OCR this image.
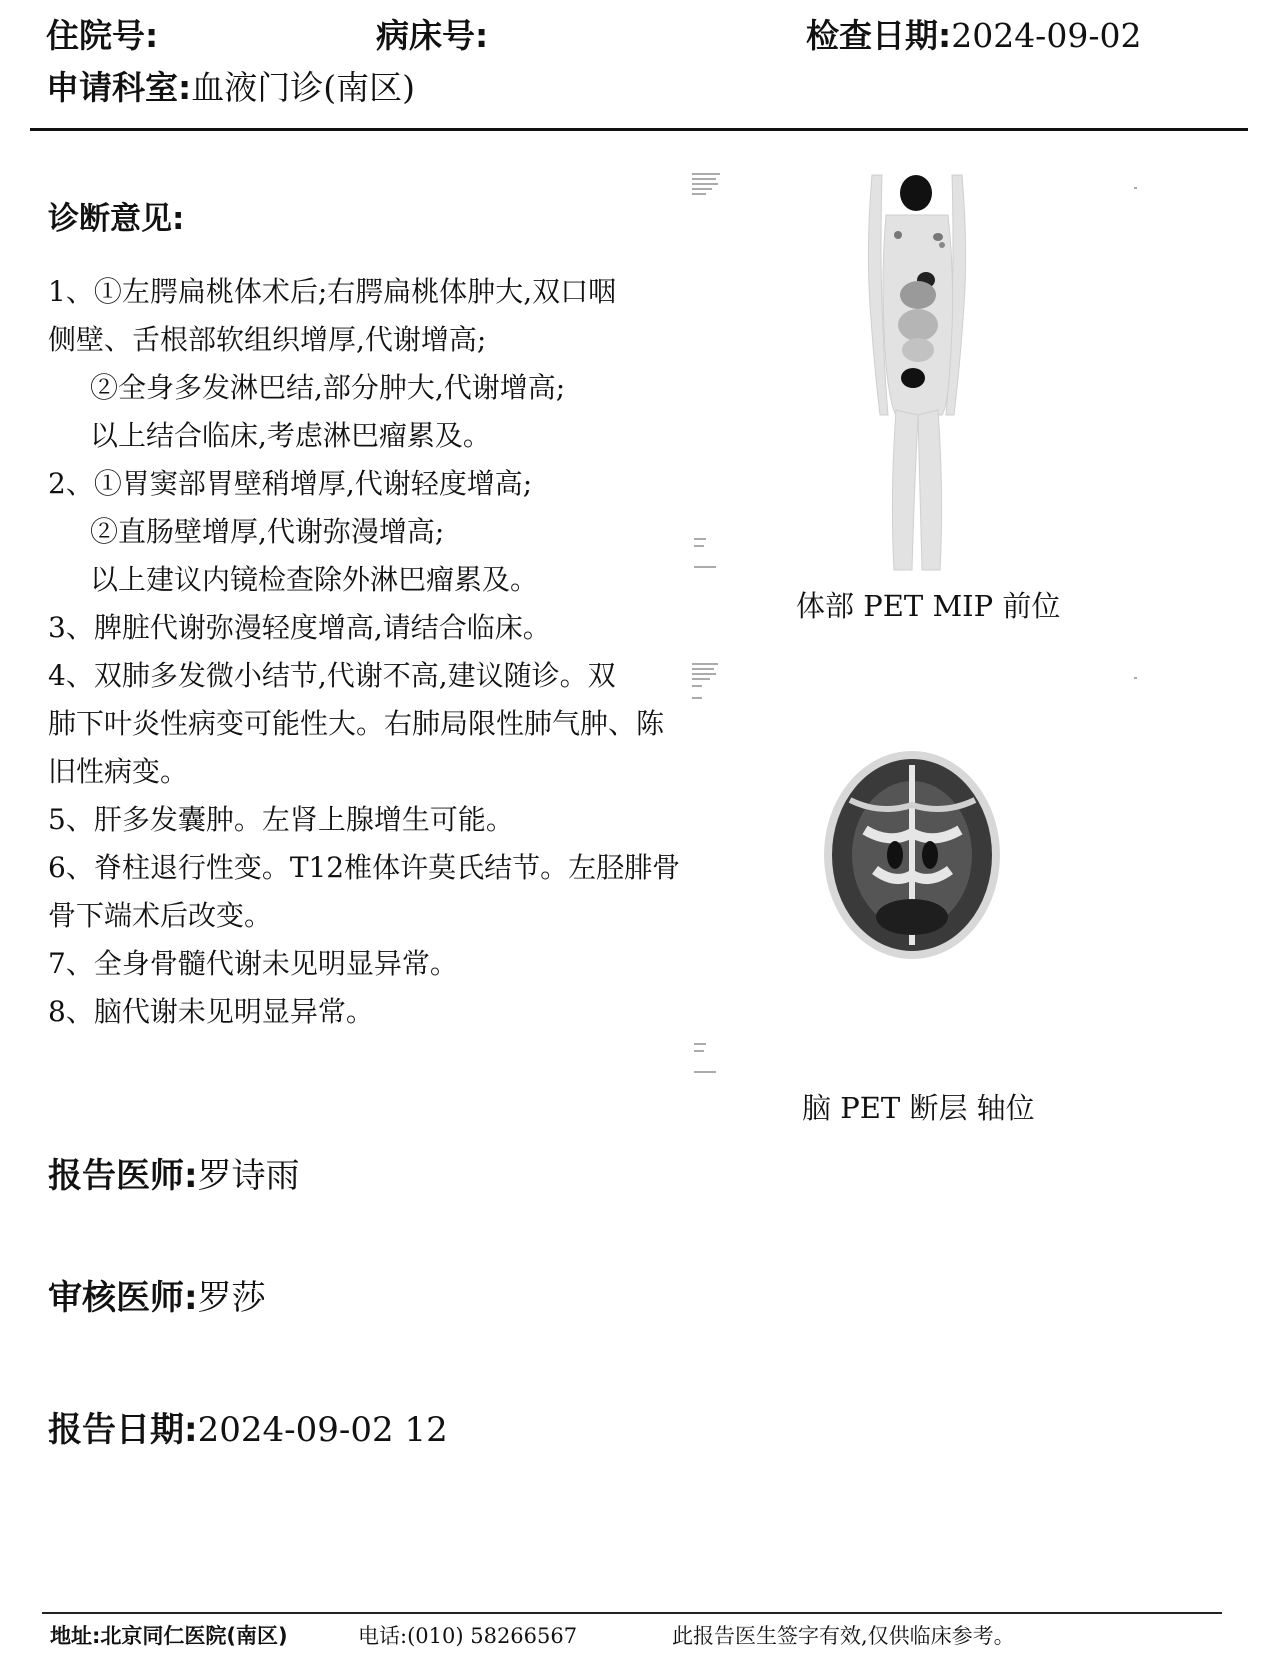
住院号:	病床号:	检查日期:2024-09-02
申请科室:血液门诊(南区)
诊断意见:
1、①左腭扁桃体术后;右腭扁桃体肿大,双口咽
侧壁、舌根部软组织增厚,代谢增高;
②全身多发淋巴结,部分肿大,代谢增高;
以上结合临床,考虑淋巴瘤累及。
2、①胃窦部胃壁稍增厚,代谢轻度增高;
②直肠壁增厚,代谢弥漫增高;
以上建议内镜检查除外淋巴瘤累及。
3、脾脏代谢弥漫轻度增高,请结合临床。
4、双肺多发微小结节,代谢不高,建议随诊。双
肺下叶炎性病变可能性大。右肺局限性肺气肿、陈
旧性病变。
5、肝多发囊肿。左肾上腺增生可能。
6、脊柱退行性变。T12椎体许莫氏结节。左胫腓骨
骨下端术后改变。
7、全身骨髓代谢未见明显异常。
8、脑代谢未见明显异常。
体部 PET MIP 前位
脑 PET 断层 轴位
报告医师:罗诗雨
审核医师:罗莎
报告日期:2024-09-02 12
地址:北京同仁医院(南区)	电话:(010) 58266567	此报告医生签字有效,仅供临床参考。
